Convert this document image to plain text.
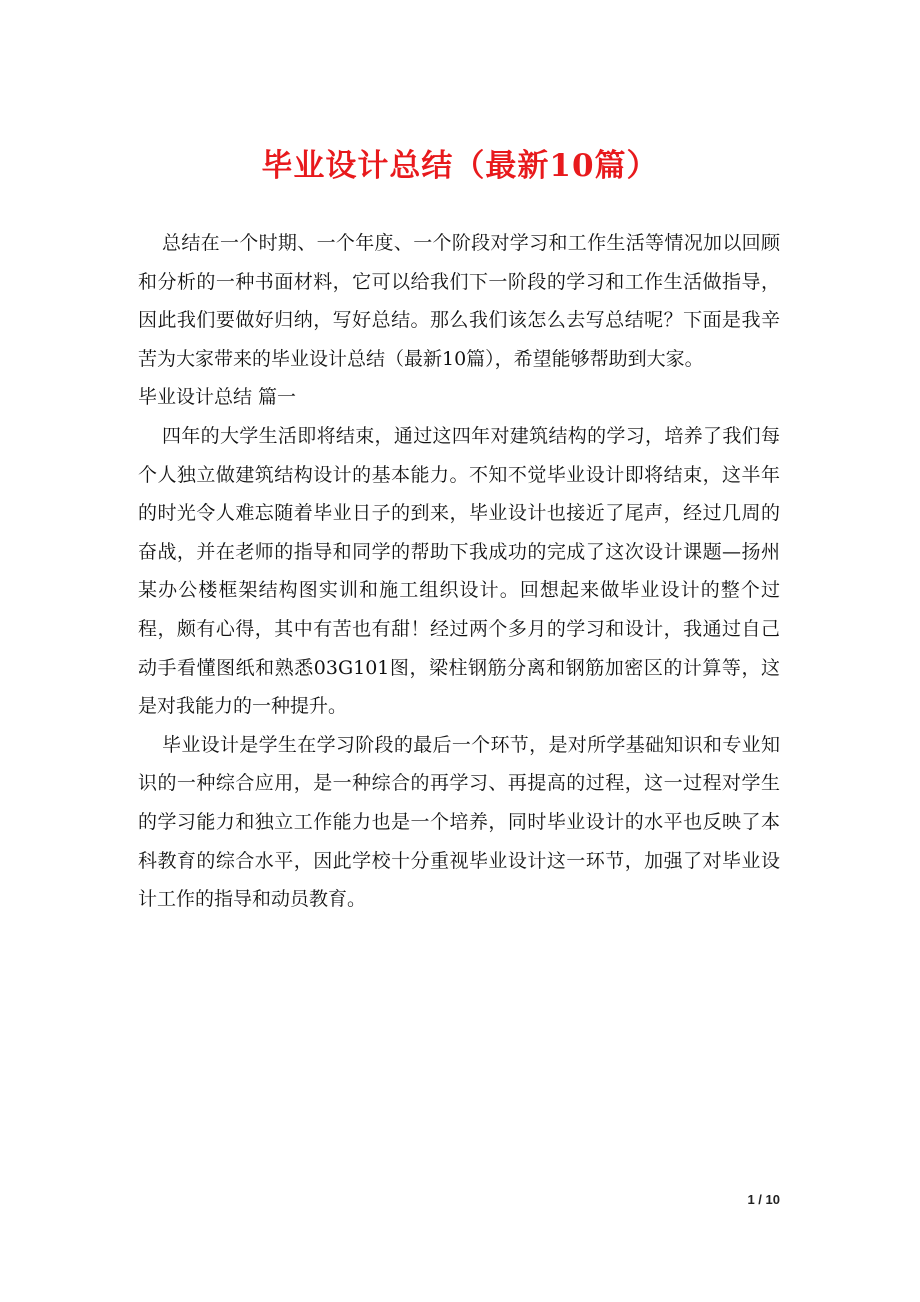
毕业设计总结（最新10篇）

总结在一个时期、一个年度、一个阶段对学习和工作生活等情况加以回顾和分析的一种书面材料，它可以给我们下一阶段的学习和工作生活做指导，因此我们要做好归纳，写好总结。那么我们该怎么去写总结呢？下面是我辛苦为大家带来的毕业设计总结（最新10篇），希望能够帮助到大家。

毕业设计总结 篇一

四年的大学生活即将结束，通过这四年对建筑结构的学习，培养了我们每个人独立做建筑结构设计的基本能力。不知不觉毕业设计即将结束，这半年的时光令人难忘随着毕业日子的到来，毕业设计也接近了尾声，经过几周的奋战，并在老师的指导和同学的帮助下我成功的完成了这次设计课题—扬州某办公楼框架结构图实训和施工组织设计。回想起来做毕业设计的整个过程，颇有心得，其中有苦也有甜！经过两个多月的学习和设计，我通过自己动手看懂图纸和熟悉03G101图，梁柱钢筋分离和钢筋加密区的计算等，这是对我能力的一种提升。

毕业设计是学生在学习阶段的最后一个环节，是对所学基础知识和专业知识的一种综合应用，是一种综合的再学习、再提高的过程，这一过程对学生的学习能力和独立工作能力也是一个培养，同时毕业设计的水平也反映了本科教育的综合水平，因此学校十分重视毕业设计这一环节，加强了对毕业设计工作的指导和动员教育。

1 / 10
